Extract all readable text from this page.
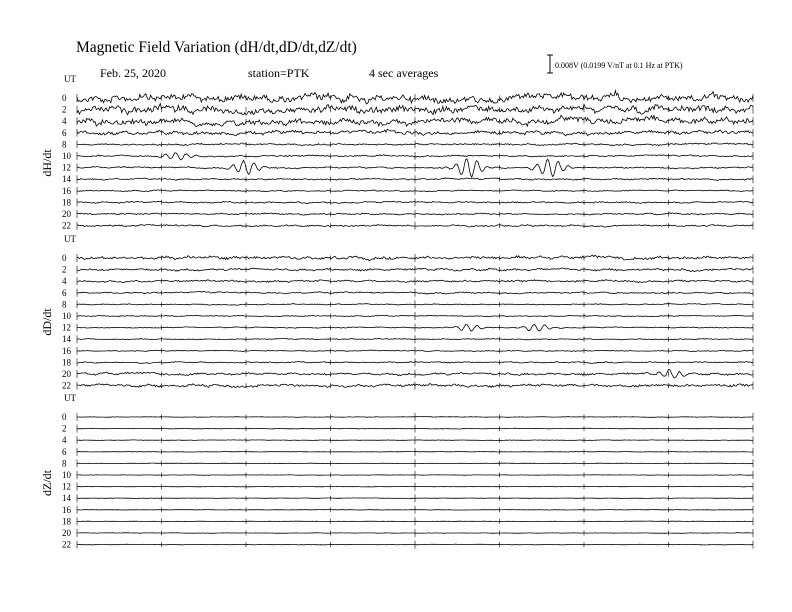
Magnetic Field Variation (dH/dt,dD/dt,dZ/dt)
Feb. 25, 2020	station=PTK	4 sec averages
0.008V (0.0199 V/nT at 0.1 Hz at PTK)
UT
dH/dt
0
2
4
6
8
10
12
14
16
18
20
22
UT
dD/dt
0
2
4
6
8
10
12
14
16
18
20
22
UT
dZ/dt
0
2
4
6
8
10
12
14
16
18
20
22
